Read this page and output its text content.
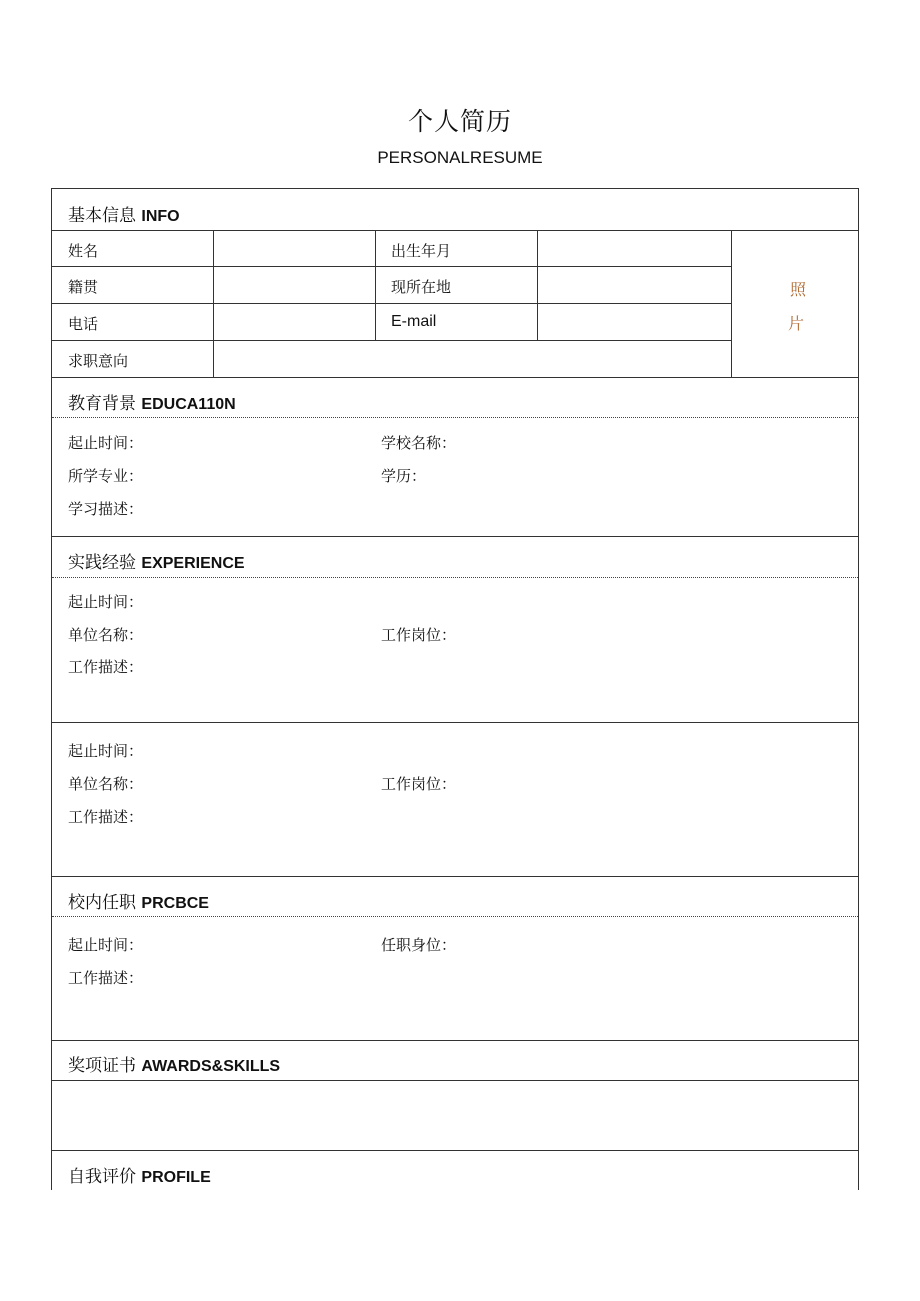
个人简历
PERSONALRESUME
基本信息 INFO
姓名	出生年月
籍贯	现所在地
电话	E-mail
求职意向
照
片
教育背景 EDUCA110N
起止时间：	学校名称：
所学专业：	学历：
学习描述：
实践经验 EXPERIENCE
起止时间：
单位名称：	工作岗位：
工作描述：
起止时间：
单位名称：	工作岗位：
工作描述：
校内任职 PRCBCE
起止时间：	任职身位：
工作描述：
奖项证书 AWARDS&SKILLS
自我评价 PROFILE
